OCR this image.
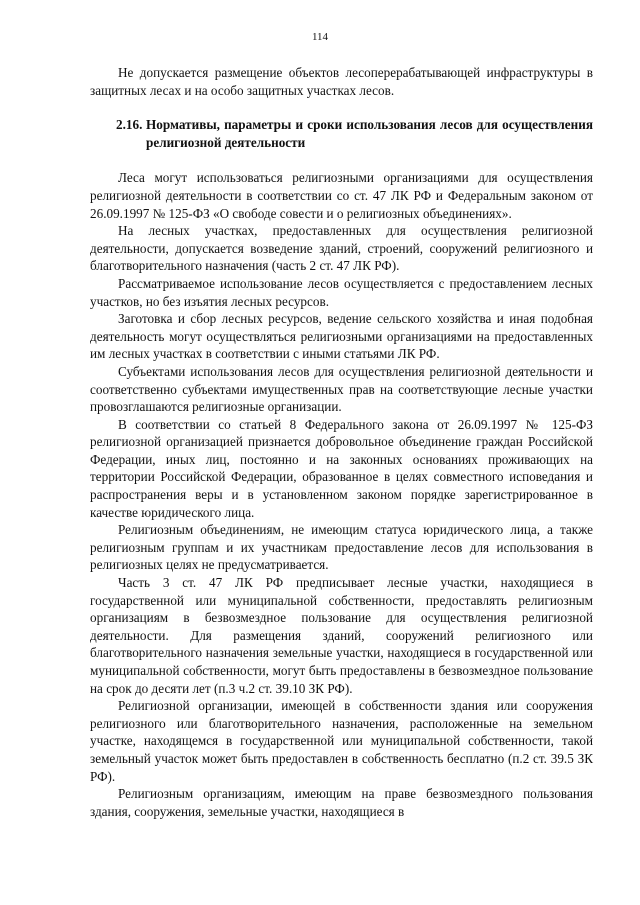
114

Не допускается размещение объектов лесоперерабатывающей инфраструктуры в защитных лесах и на особо защитных участках лесов.

2.16. Нормативы, параметры и сроки использования лесов для осуществления религиозной деятельности

Леса могут использоваться религиозными организациями для осуществления религиозной деятельности в соответствии со ст. 47 ЛК РФ и Федеральным законом от 26.09.1997 № 125-ФЗ «О свободе совести и о религиозных объединениях».

На лесных участках, предоставленных для осуществления религиозной деятельности, допускается возведение зданий, строений, сооружений религиозного и благотворительного назначения (часть 2 ст. 47 ЛК РФ).

Рассматриваемое использование лесов осуществляется с предоставлением лесных участков, но без изъятия лесных ресурсов.

Заготовка и сбор лесных ресурсов, ведение сельского хозяйства и иная подобная деятельность могут осуществляться религиозными организациями на предоставленных им лесных участках в соответствии с иными статьями ЛК РФ.

Субъектами использования лесов для осуществления религиозной деятельности и соответственно субъектами имущественных прав на соответствующие лесные участки провозглашаются религиозные организации.

В соответствии со статьей 8 Федерального закона от 26.09.1997 № 125-ФЗ религиозной организацией признается добровольное объединение граждан Российской Федерации, иных лиц, постоянно и на законных основаниях проживающих на территории Российской Федерации, образованное в целях совместного исповедания и распространения веры и в установленном законом порядке зарегистрированное в качестве юридического лица.

Религиозным объединениям, не имеющим статуса юридического лица, а также религиозным группам и их участникам предоставление лесов для использования в религиозных целях не предусматривается.

Часть 3 ст. 47 ЛК РФ предписывает лесные участки, находящиеся в государственной или муниципальной собственности, предоставлять религиозным организациям в безвозмездное пользование для осуществления религиозной деятельности. Для размещения зданий, сооружений религиозного или благотворительного назначения земельные участки, находящиеся в государственной или муниципальной собственности, могут быть предоставлены в безвозмездное пользование на срок до десяти лет (п.3 ч.2 ст. 39.10 ЗК РФ).

Религиозной организации, имеющей в собственности здания или сооружения религиозного или благотворительного назначения, расположенные на земельном участке, находящемся в государственной или муниципальной собственности, такой земельный участок может быть предоставлен в собственность бесплатно (п.2 ст. 39.5 ЗК РФ).

Религиозным организациям, имеющим на праве безвозмездного пользования здания, сооружения, земельные участки, находящиеся в
